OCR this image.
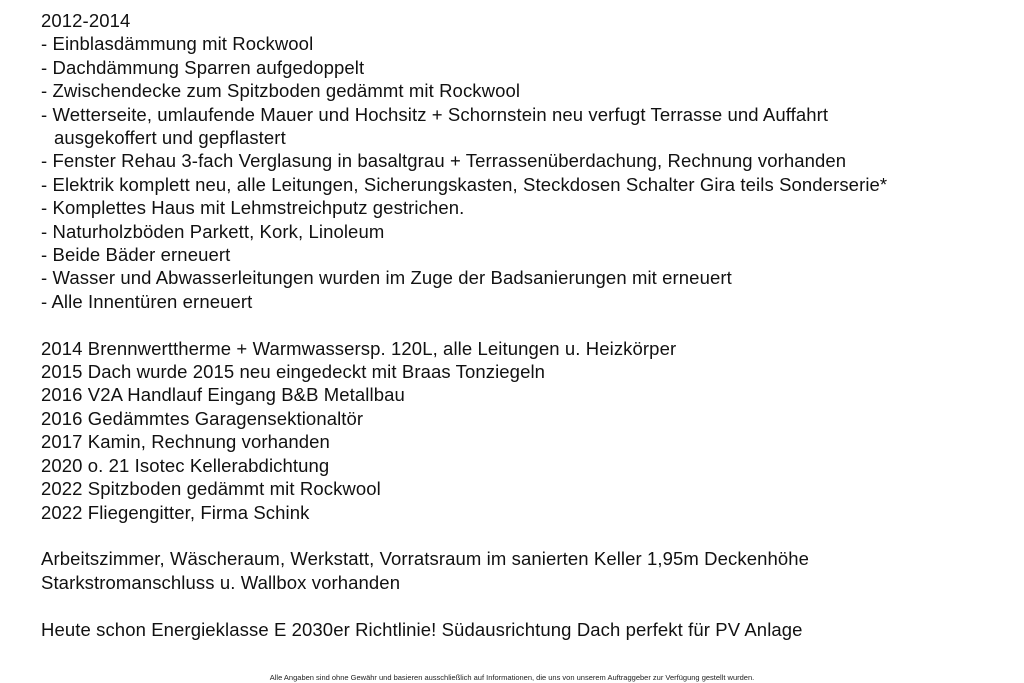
2012-2014
- Einblasdämmung mit Rockwool
- Dachdämmung Sparren aufgedoppelt
- Zwischendecke zum Spitzboden gedämmt mit Rockwool
- Wetterseite, umlaufende Mauer und Hochsitz + Schornstein neu verfugt Terrasse und Auffahrt
ausgekoffert und gepflastert
- Fenster Rehau 3-fach Verglasung in basaltgrau + Terrassenüberdachung, Rechnung vorhanden
- Elektrik komplett neu, alle Leitungen, Sicherungskasten, Steckdosen Schalter Gira teils Sonderserie*
- Komplettes Haus mit Lehmstreichputz gestrichen.
- Naturholzböden Parkett, Kork, Linoleum
- Beide Bäder erneuert
- Wasser und Abwasserleitungen wurden im Zuge der Badsanierungen mit erneuert
- Alle Innentüren erneuert
2014 Brennwerttherme + Warmwassersp. 120L, alle Leitungen u. Heizkörper
2015 Dach wurde 2015 neu eingedeckt mit Braas Tonziegeln
2016 V2A Handlauf Eingang B&B Metallbau
2016 Gedämmtes Garagensektionaltör
2017 Kamin, Rechnung vorhanden
2020 o. 21 Isotec Kellerabdichtung
2022 Spitzboden gedämmt mit Rockwool
2022 Fliegengitter, Firma Schink
Arbeitszimmer, Wäscheraum, Werkstatt, Vorratsraum im sanierten Keller 1,95m Deckenhöhe
Starkstromanschluss u. Wallbox vorhanden
Heute schon Energieklasse E 2030er Richtlinie! Südausrichtung Dach perfekt für PV Anlage
Alle Angaben sind ohne Gewähr und basieren ausschließlich auf Informationen, die uns von unserem Auftraggeber zur Verfügung gestellt wurden.
